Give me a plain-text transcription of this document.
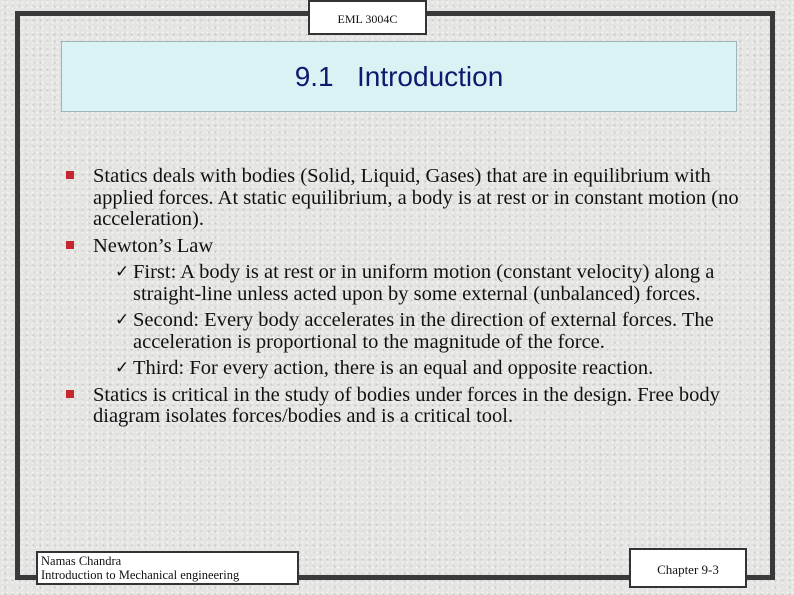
EML 3004C
9.1   Introduction
Statics deals with bodies (Solid, Liquid, Gases) that are in equilibrium with applied forces. At static equilibrium, a body is at rest or in constant motion (no acceleration).
Newton’s Law
✓ First: A body is at rest or in uniform motion (constant velocity) along a straight-line unless acted upon by some external (unbalanced) forces.
✓ Second: Every body accelerates in the direction of external forces. The acceleration is proportional to the magnitude of the force.
✓ Third: For every action, there is an equal and opposite reaction.
Statics is critical in the study of bodies under forces in the design. Free body diagram isolates forces/bodies and is a critical tool.
Namas Chandra
Introduction to Mechanical engineering	Chapter 9-3
